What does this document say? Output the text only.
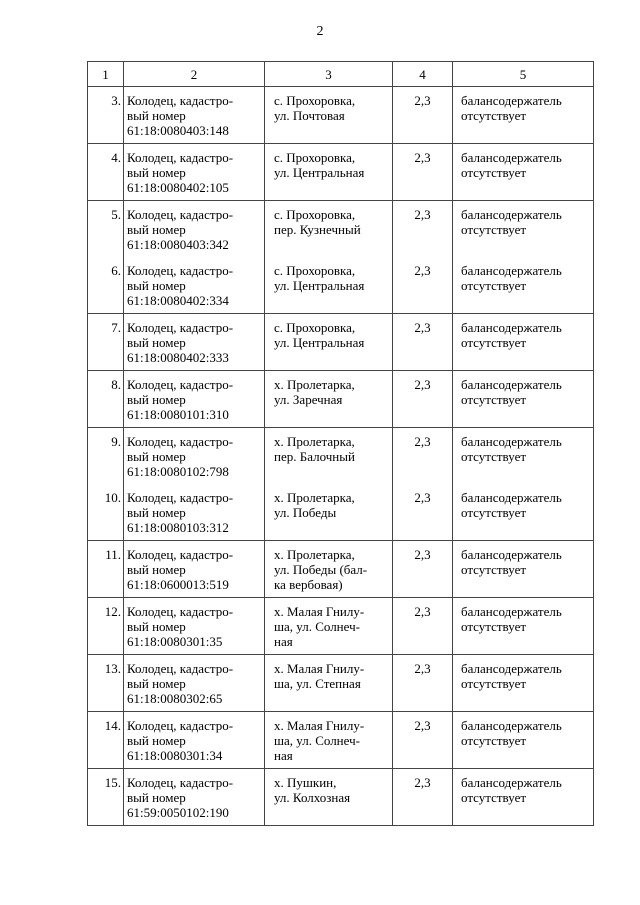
2
1	2	3	4	5

3.	Колодец, кадастро-
вый номер
61:18:0080403:148	с. Прохоровка,
ул. Почтовая	2,3	балансодержатель
отсутствует

4.	Колодец, кадастро-
вый номер
61:18:0080402:105	с. Прохоровка,
ул. Центральная	2,3	балансодержатель
отсутствует

5.	Колодец, кадастро-
вый номер
61:18:0080403:342	с. Прохоровка,
пер. Кузнечный	2,3	балансодержатель
отсутствует

6.	Колодец, кадастро-
вый номер
61:18:0080402:334	с. Прохоровка,
ул. Центральная	2,3	балансодержатель
отсутствует

7.	Колодец, кадастро-
вый номер
61:18:0080402:333	с. Прохоровка,
ул. Центральная	2,3	балансодержатель
отсутствует

8.	Колодец, кадастро-
вый номер
61:18:0080101:310	х. Пролетарка,
ул. Заречная	2,3	балансодержатель
отсутствует

9.	Колодец, кадастро-
вый номер
61:18:0080102:798	х. Пролетарка,
пер. Балочный	2,3	балансодержатель
отсутствует

10.	Колодец, кадастро-
вый номер
61:18:0080103:312	х. Пролетарка,
ул. Победы	2,3	балансодержатель
отсутствует

11.	Колодец, кадастро-
вый номер
61:18:0600013:519	х. Пролетарка,
ул. Победы (бал-
ка вербовая)	2,3	балансодержатель
отсутствует

12.	Колодец, кадастро-
вый номер
61:18:0080301:35	х. Малая Гнилу-
ша, ул. Солнеч-
ная	2,3	балансодержатель
отсутствует

13.	Колодец, кадастро-
вый номер
61:18:0080302:65	х. Малая Гнилу-
ша, ул. Степная	2,3	балансодержатель
отсутствует

14.	Колодец, кадастро-
вый номер
61:18:0080301:34	х. Малая Гнилу-
ша, ул. Солнеч-
ная	2,3	балансодержатель
отсутствует

15.	Колодец, кадастро-
вый номер
61:59:0050102:190	х. Пушкин,
ул. Колхозная	2,3	балансодержатель
отсутствует
